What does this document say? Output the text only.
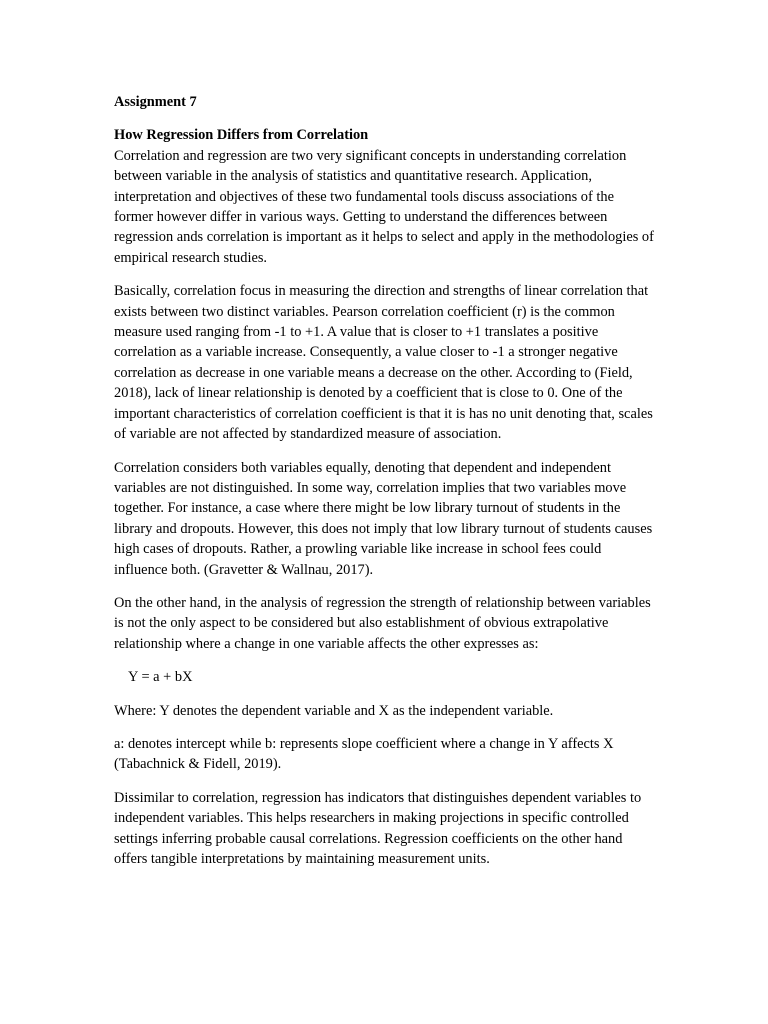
Assignment 7
How Regression Differs from Correlation

Correlation and regression are two very significant concepts in understanding correlation between variable in the analysis of statistics and quantitative research. Application, interpretation and objectives of these two fundamental tools discuss associations of the former however differ in various ways. Getting to understand the differences between regression ands correlation is important as it helps to select and apply in the methodologies of empirical research studies.

Basically, correlation focus in measuring the direction and strengths of linear correlation that exists between two distinct variables. Pearson correlation coefficient (r) is the common measure used ranging from -1 to +1. A value that is closer to +1 translates a positive correlation as a variable increase. Consequently, a value closer to -1 a stronger negative correlation as decrease in one variable means a decrease on the other. According to (Field, 2018), lack of linear relationship is denoted by a coefficient that is close to 0. One of the important characteristics of correlation coefficient is that it is has no unit denoting that, scales of variable are not affected by standardized measure of association.

Correlation considers both variables equally, denoting that dependent and independent variables are not distinguished. In some way, correlation implies that two variables move together. For instance, a case where there might be low library turnout of students in the library and dropouts. However, this does not imply that low library turnout of students causes high cases of dropouts. Rather, a prowling variable like increase in school fees could influence both. (Gravetter & Wallnau, 2017).

On the other hand, in the analysis of regression the strength of relationship between variables is not the only aspect to be considered but also establishment of obvious extrapolative relationship where a change in one variable affects the other expresses as:

Y = a + bX

Where: Y denotes the dependent variable and X as the independent variable.

a: denotes intercept while b: represents slope coefficient where a change in Y affects X (Tabachnick & Fidell, 2019).

Dissimilar to correlation, regression has indicators that distinguishes dependent variables to independent variables. This helps researchers in making projections in specific controlled settings inferring probable causal correlations. Regression coefficients on the other hand offers tangible interpretations by maintaining measurement units.
